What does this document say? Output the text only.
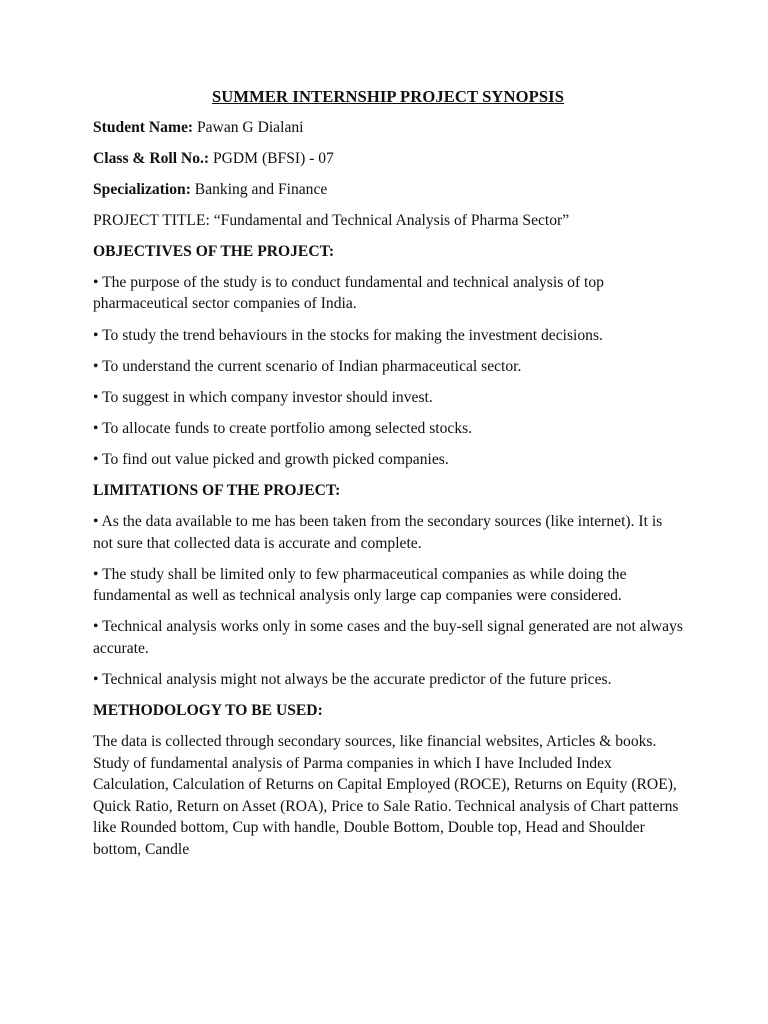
SUMMER INTERNSHIP PROJECT SYNOPSIS
Student Name: Pawan G Dialani
Class & Roll No.: PGDM (BFSI) - 07
Specialization: Banking and Finance
PROJECT TITLE: “Fundamental and Technical Analysis of Pharma Sector”
OBJECTIVES OF THE PROJECT:
• The purpose of the study is to conduct fundamental and technical analysis of top pharmaceutical sector companies of India.
• To study the trend behaviours in the stocks for making the investment decisions.
• To understand the current scenario of Indian pharmaceutical sector.
• To suggest in which company investor should invest.
• To allocate funds to create portfolio among selected stocks.
• To find out value picked and growth picked companies.
LIMITATIONS OF THE PROJECT:
• As the data available to me has been taken from the secondary sources (like internet). It is not sure that collected data is accurate and complete.
• The study shall be limited only to few pharmaceutical companies as while doing the fundamental as well as technical analysis only large cap companies were considered.
• Technical analysis works only in some cases and the buy-sell signal generated are not always accurate.
• Technical analysis might not always be the accurate predictor of the future prices.
METHODOLOGY TO BE USED:
The data is collected through secondary sources, like financial websites, Articles & books. Study of fundamental analysis of Parma companies in which I have Included Index Calculation, Calculation of Returns on Capital Employed (ROCE), Returns on Equity (ROE), Quick Ratio, Return on Asset (ROA), Price to Sale Ratio. Technical analysis of Chart patterns like Rounded bottom, Cup with handle, Double Bottom, Double top, Head and Shoulder bottom, Candle
